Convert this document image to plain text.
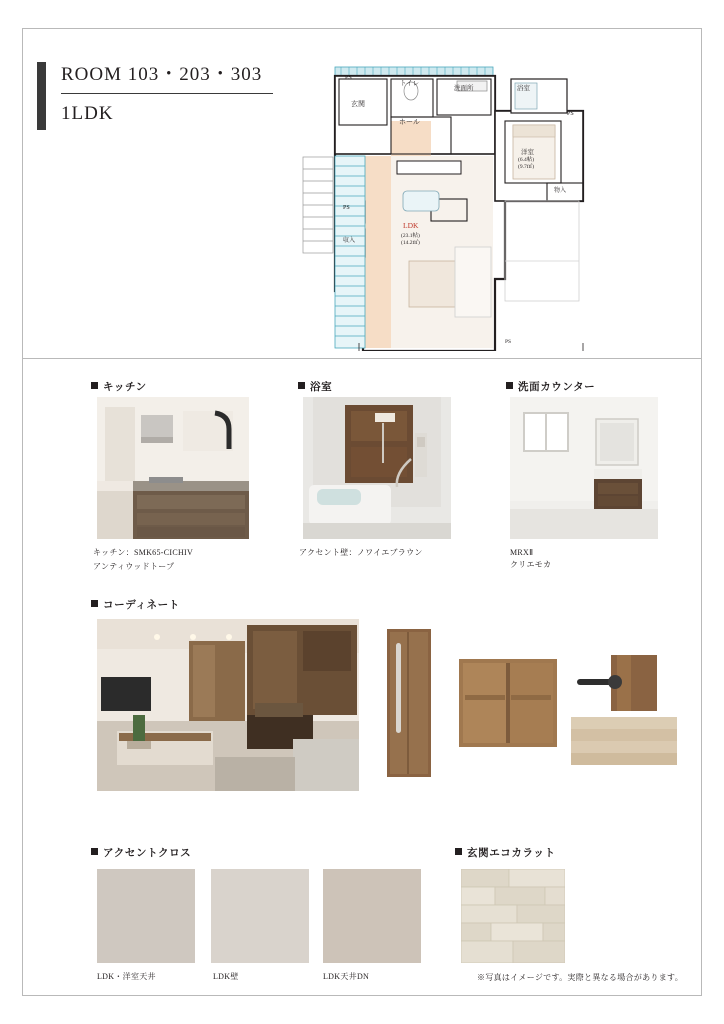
ROOM 103・203・303
1LDK
PS
玄関
トイレ
洗面所	浴室
ホール
PS
洋室
(6.4帖)
(9.7㎡)
物入
PS
収入
LDK
(23.1帖)
(14.2㎡)
PS
キッチン
キッチン：SMK65-CICHIV
アンティウッドトープ
浴室
アクセント壁：ノワイエブラウン
洗面カウンター
MRXⅡ
クリエモカ
コーディネート
アクセントクロス
LDK・洋室天井	LDK壁	LDK天井DN
玄関エコカラット
※写真はイメージです。実際と異なる場合があります。
